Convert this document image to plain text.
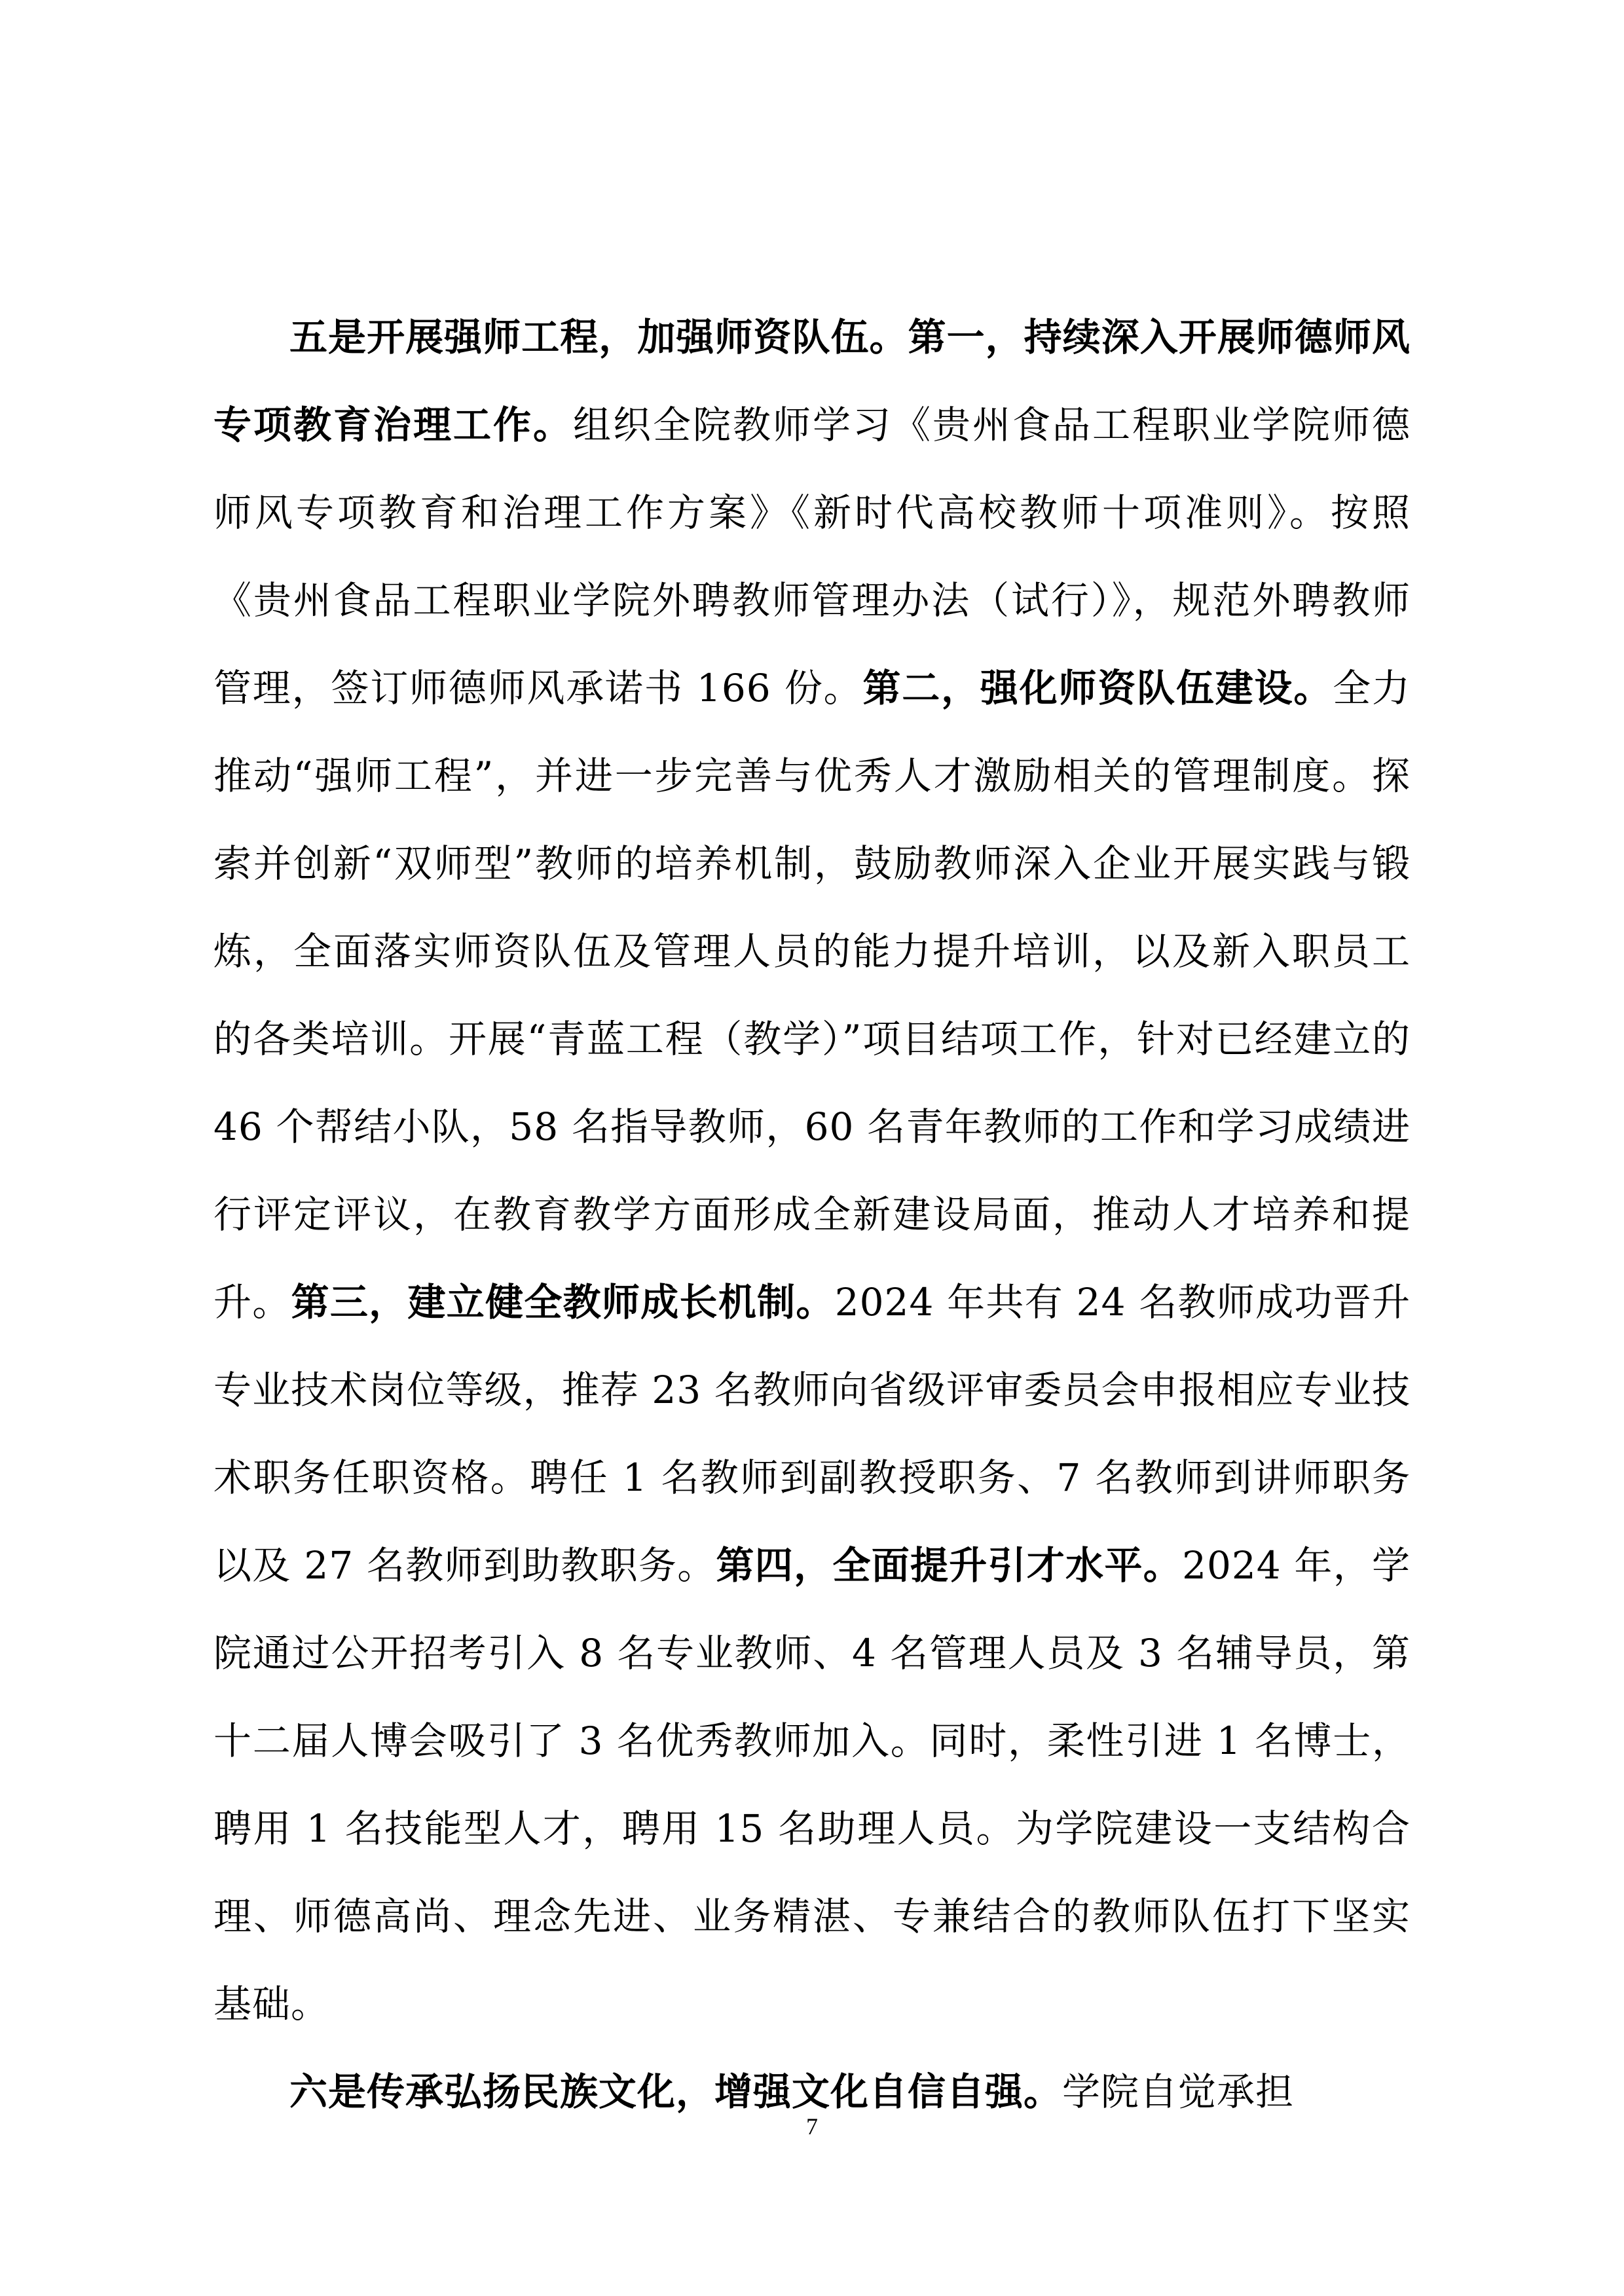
五是开展强师工程，加强师资队伍。第一，持续深入开展师德师风专项教育治理工作。组织全院教师学习《贵州食品工程职业学院师德师风专项教育和治理工作方案》《新时代高校教师十项准则》。按照《贵州食品工程职业学院外聘教师管理办法（试行）》，规范外聘教师管理，签订师德师风承诺书 166 份。第二，强化师资队伍建设。全力推动“强师工程”，并进一步完善与优秀人才激励相关的管理制度。探索并创新“双师型”教师的培养机制，鼓励教师深入企业开展实践与锻炼，全面落实师资队伍及管理人员的能力提升培训，以及新入职员工的各类培训。开展“青蓝工程（教学）”项目结项工作，针对已经建立的 46 个帮结小队，58 名指导教师，60 名青年教师的工作和学习成绩进行评定评议，在教育教学方面形成全新建设局面，推动人才培养和提升。第三，建立健全教师成长机制。2024 年共有 24 名教师成功晋升专业技术岗位等级，推荐 23 名教师向省级评审委员会申报相应专业技术职务任职资格。聘任 1 名教师到副教授职务、7 名教师到讲师职务以及 27 名教师到助教职务。第四，全面提升引才水平。2024 年，学院通过公开招考引入 8 名专业教师、4 名管理人员及 3 名辅导员，第十二届人博会吸引了 3 名优秀教师加入。同时，柔性引进 1 名博士，聘用 1 名技能型人才，聘用 15 名助理人员。为学院建设一支结构合理、师德高尚、理念先进、业务精湛、专兼结合的教师队伍打下坚实基础。

六是传承弘扬民族文化，增强文化自信自强。学院自觉承担

7
